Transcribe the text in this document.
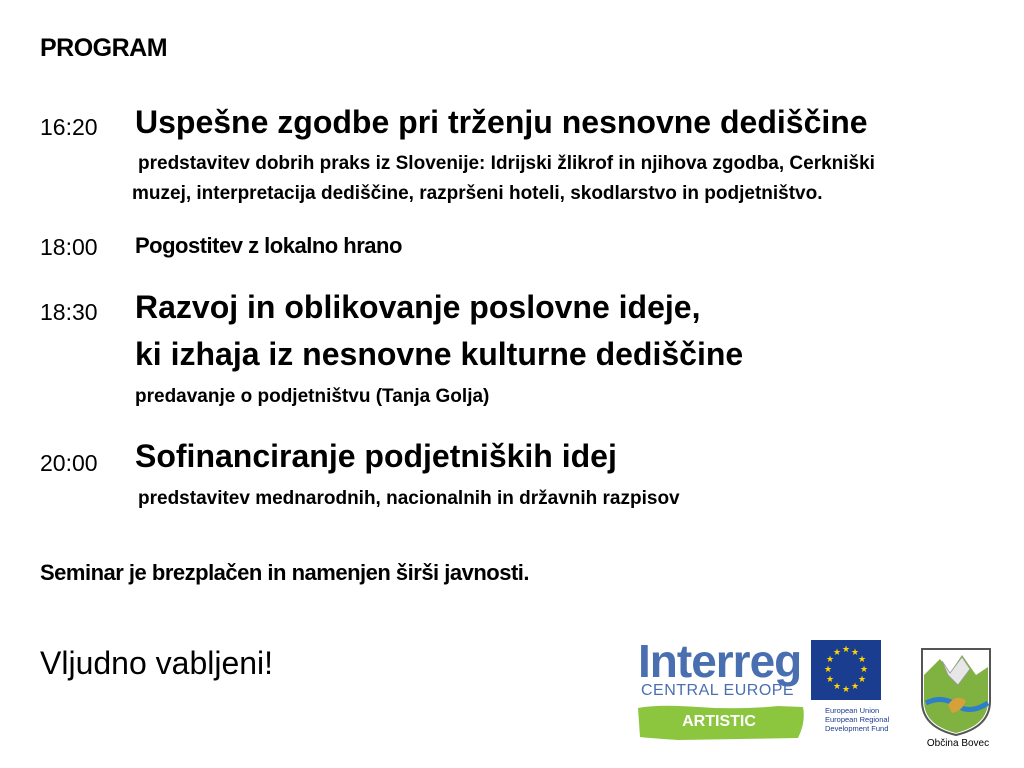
PROGRAM
16:20 Uspešne zgodbe pri trženju nesnovne dediščine
predstavitev dobrih praks iz Slovenije: Idrijski žlikrof in njihova zgodba, Cerkniški
muzej, interpretacija dediščine, razpršeni hoteli, skodlarstvo in podjetništvo.
18:00 Pogostitev z lokalno hrano
18:30 Razvoj in oblikovanje poslovne ideje,
ki izhaja iz nesnovne kulturne dediščine
predavanje o podjetništvu (Tanja Golja)
20:00 Sofinanciranje podjetniških idej
predstavitev mednarodnih, nacionalnih in državnih razpisov
Seminar je brezplačen in namenjen širši javnosti.
Vljudno vabljeni!	Interreg
CENTRAL EUROPE
ARTISTIC
★ ★
★
★
★
★
★
★
★
★
★
★
European Union
European Regional
Development Fund
Občina Bovec
